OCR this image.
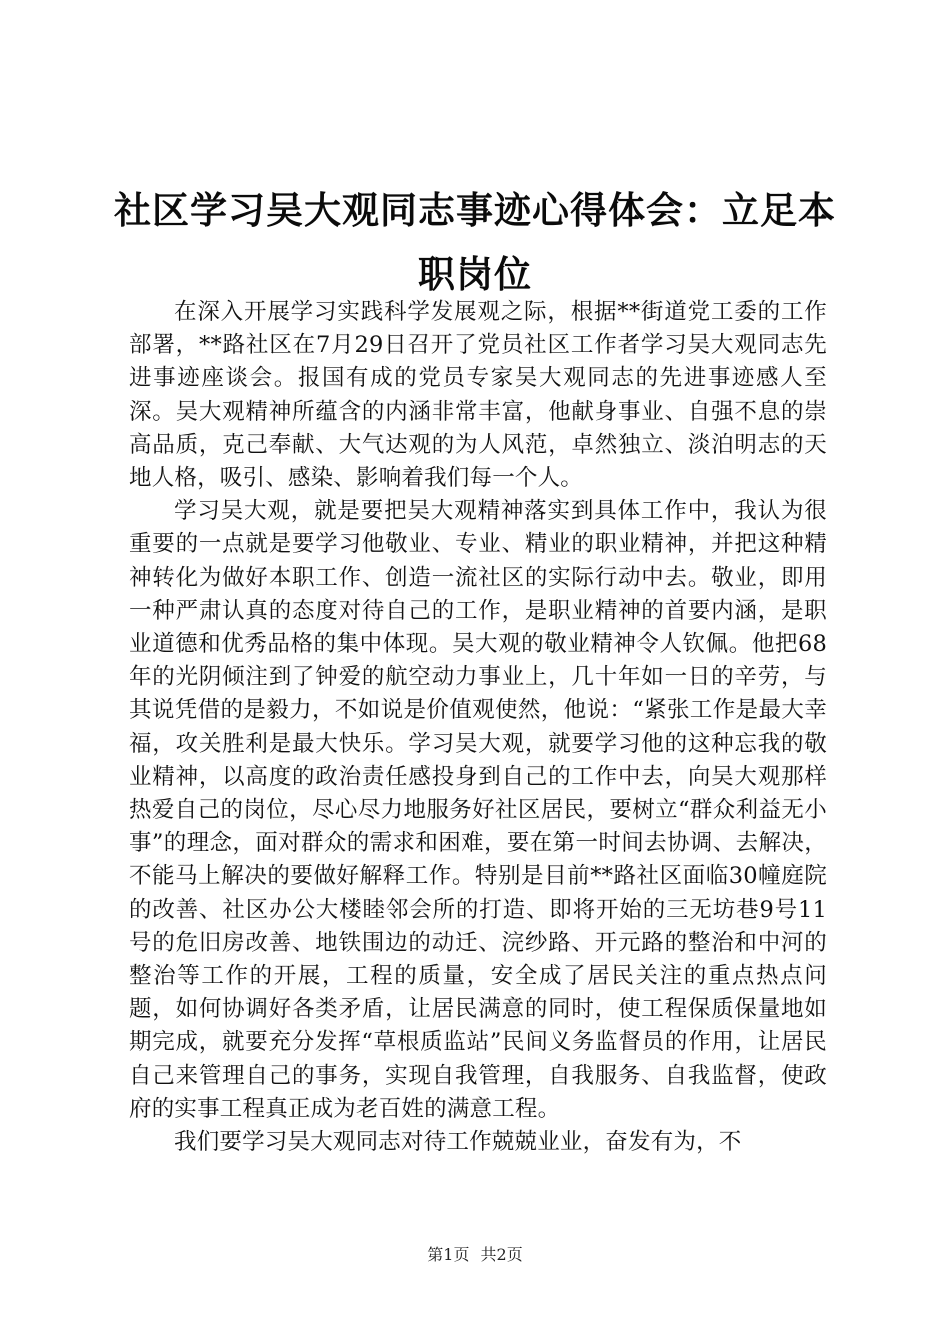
社区学习吴大观同志事迹心得体会：立足本职岗位

在深入开展学习实践科学发展观之际，根据**街道党工委的工作部署，**路社区在7月29日召开了党员社区工作者学习吴大观同志先进事迹座谈会。报国有成的党员专家吴大观同志的先进事迹感人至深。吴大观精神所蕴含的内涵非常丰富，他献身事业、自强不息的崇高品质，克己奉献、大气达观的为人风范，卓然独立、淡泊明志的天地人格，吸引、感染、影响着我们每一个人。

学习吴大观，就是要把吴大观精神落实到具体工作中，我认为很重要的一点就是要学习他敬业、专业、精业的职业精神，并把这种精神转化为做好本职工作、创造一流社区的实际行动中去。敬业，即用一种严肃认真的态度对待自己的工作，是职业精神的首要内涵，是职业道德和优秀品格的集中体现。吴大观的敬业精神令人钦佩。他把68年的光阴倾注到了钟爱的航空动力事业上，几十年如一日的辛劳，与其说凭借的是毅力，不如说是价值观使然，他说：“紧张工作是最大幸福，攻关胜利是最大快乐。学习吴大观，就要学习他的这种忘我的敬业精神，以高度的政治责任感投身到自己的工作中去，向吴大观那样热爱自己的岗位，尽心尽力地服务好社区居民，要树立“群众利益无小事”的理念，面对群众的需求和困难，要在第一时间去协调、去解决，不能马上解决的要做好解释工作。特别是目前**路社区面临30幢庭院的改善、社区办公大楼睦邻会所的打造、即将开始的三无坊巷9号11号的危旧房改善、地铁围边的动迁、浣纱路、开元路的整治和中河的整治等工作的开展，工程的质量，安全成了居民关注的重点热点问题，如何协调好各类矛盾，让居民满意的同时，使工程保质保量地如期完成，就要充分发挥“草根质监站”民间义务监督员的作用，让居民自己来管理自己的事务，实现自我管理，自我服务、自我监督，使政府的实事工程真正成为老百姓的满意工程。

我们要学习吴大观同志对待工作兢兢业业，奋发有为，不

第1页 共2页
